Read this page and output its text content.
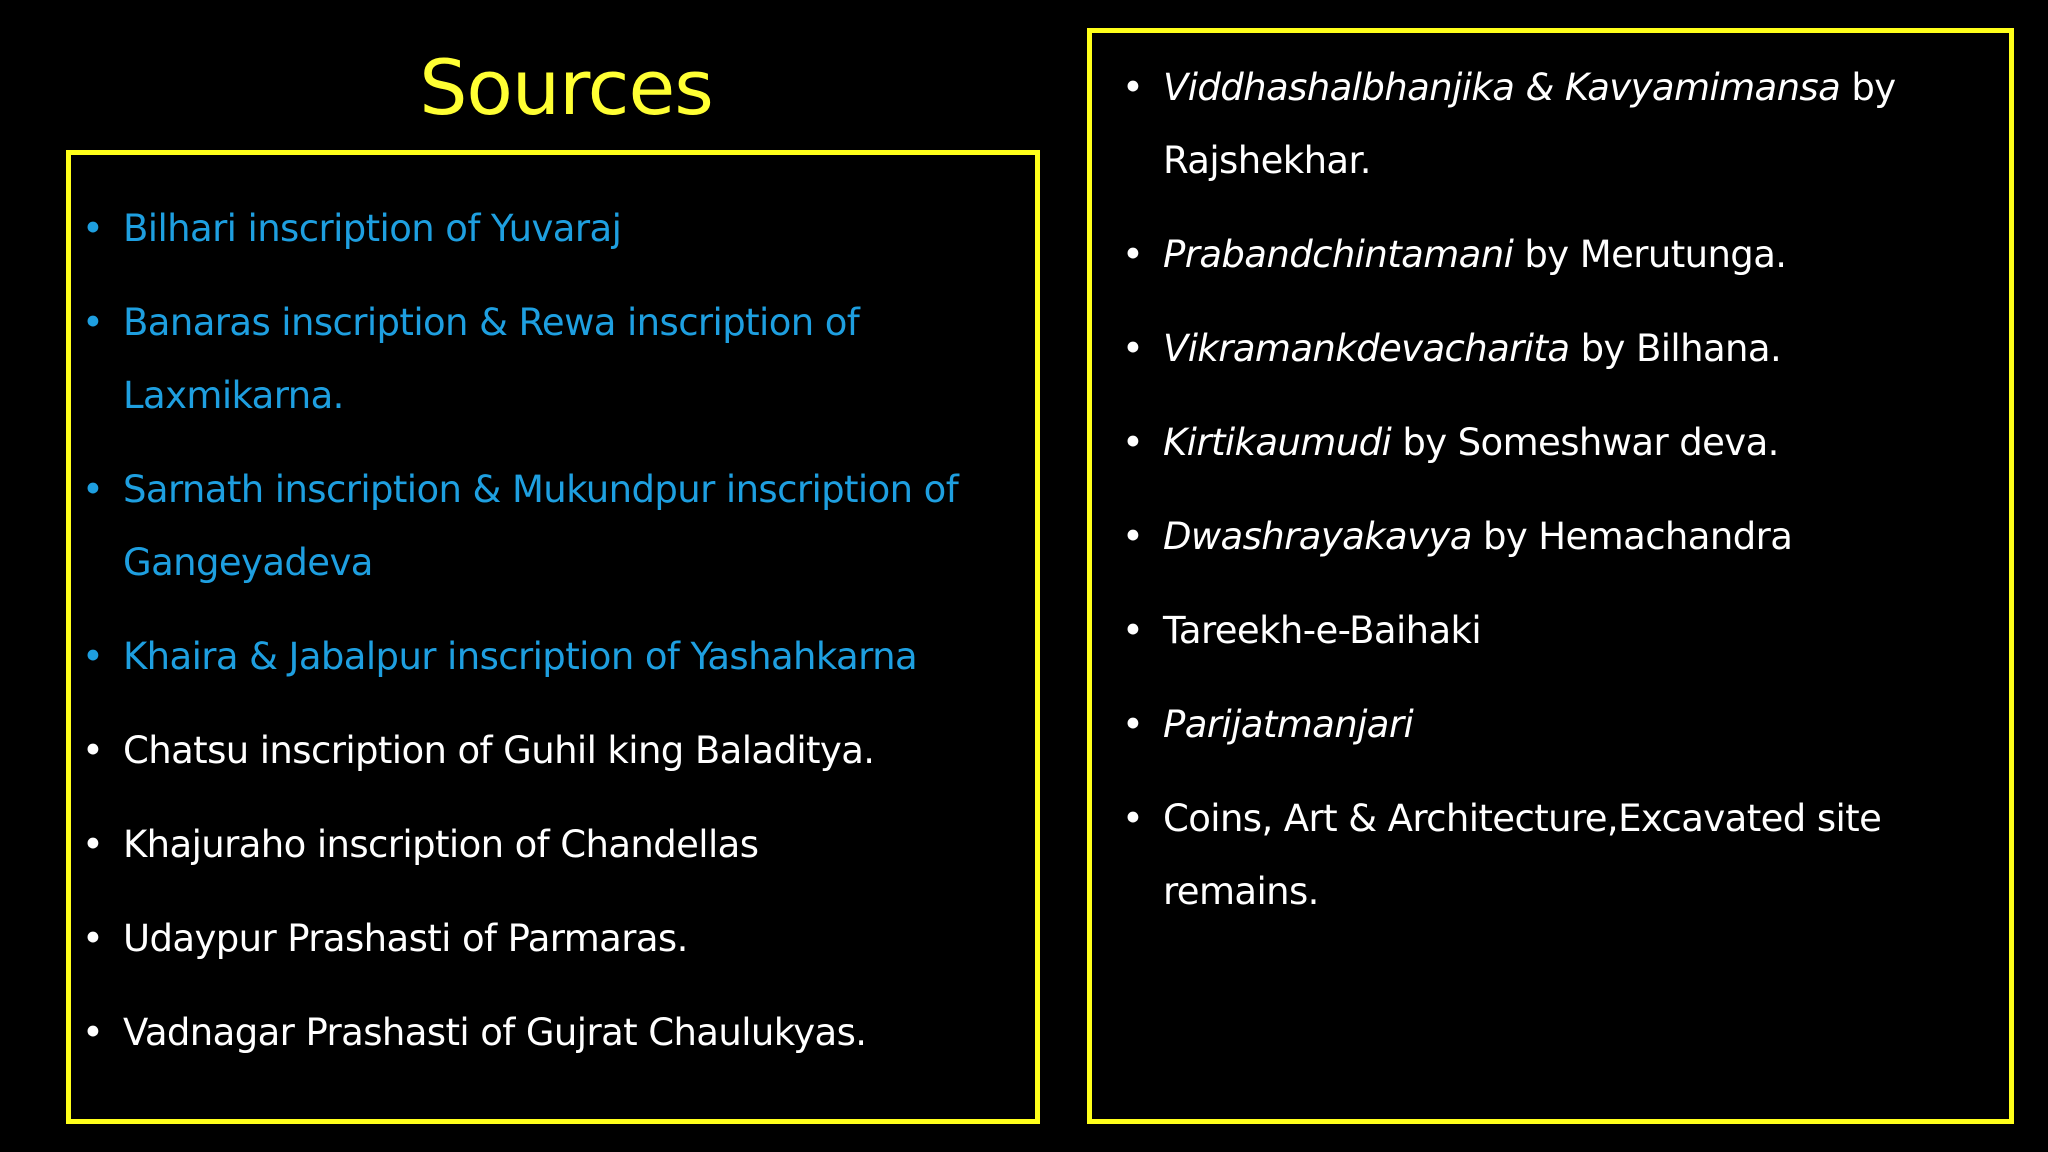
Sources
• Bilhari inscription of Yuvaraj
• Banaras inscription & Rewa inscription of Laxmikarna.
• Sarnath inscription & Mukundpur inscription of Gangeyadeva
• Khaira & Jabalpur inscription of Yashahkarna
• Chatsu inscription of Guhil king Baladitya.
• Khajuraho inscription of Chandellas
• Udaypur Prashasti of Parmaras.
• Vadnagar Prashasti of Gujrat Chaulukyas.
• Viddhashalbhanjika & Kavyamimansa by Rajshekhar.
• Prabandchintamani by Merutunga.
• Vikramankdevacharita by Bilhana.
• Kirtikaumudi by Someshwar deva.
• Dwashrayakavya by Hemachandra
• Tareekh-e-Baihaki
• Parijatmanjari
• Coins, Art & Architecture,Excavated site remains.
